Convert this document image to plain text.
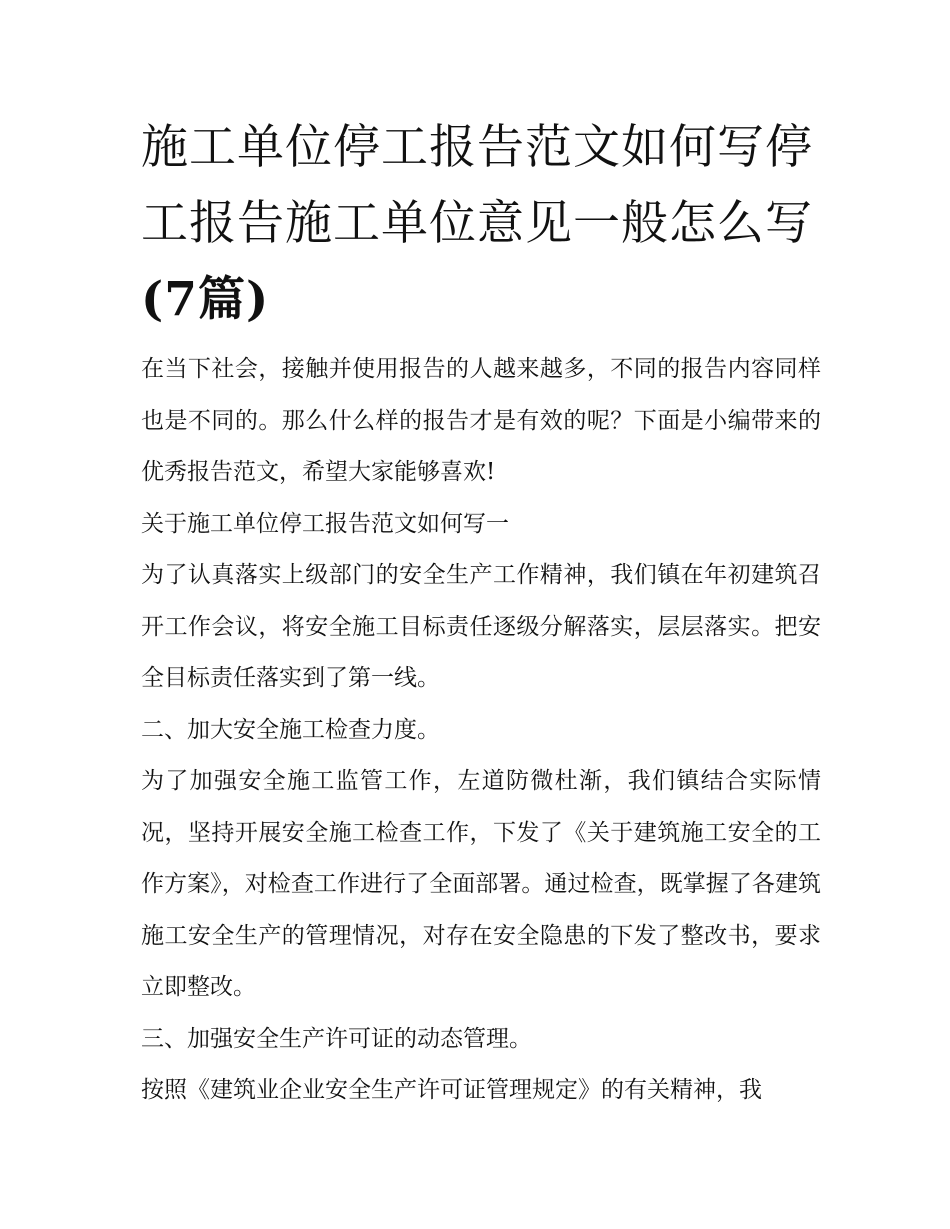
施工单位停工报告范文如何写停工报告施工单位意见一般怎么写(7篇)

在当下社会，接触并使用报告的人越来越多，不同的报告内容同样也是不同的。那么什么样的报告才是有效的呢？下面是小编带来的优秀报告范文，希望大家能够喜欢!

关于施工单位停工报告范文如何写一

为了认真落实上级部门的安全生产工作精神，我们镇在年初建筑召开工作会议，将安全施工目标责任逐级分解落实，层层落实。把安全目标责任落实到了第一线。

二、加大安全施工检查力度。

为了加强安全施工监管工作，左道防微杜渐，我们镇结合实际情况，坚持开展安全施工检查工作，下发了《关于建筑施工安全的工作方案》，对检查工作进行了全面部署。通过检查，既掌握了各建筑施工安全生产的管理情况，对存在安全隐患的下发了整改书，要求立即整改。

三、加强安全生产许可证的动态管理。

按照《建筑业企业安全生产许可证管理规定》的有关精神，我
